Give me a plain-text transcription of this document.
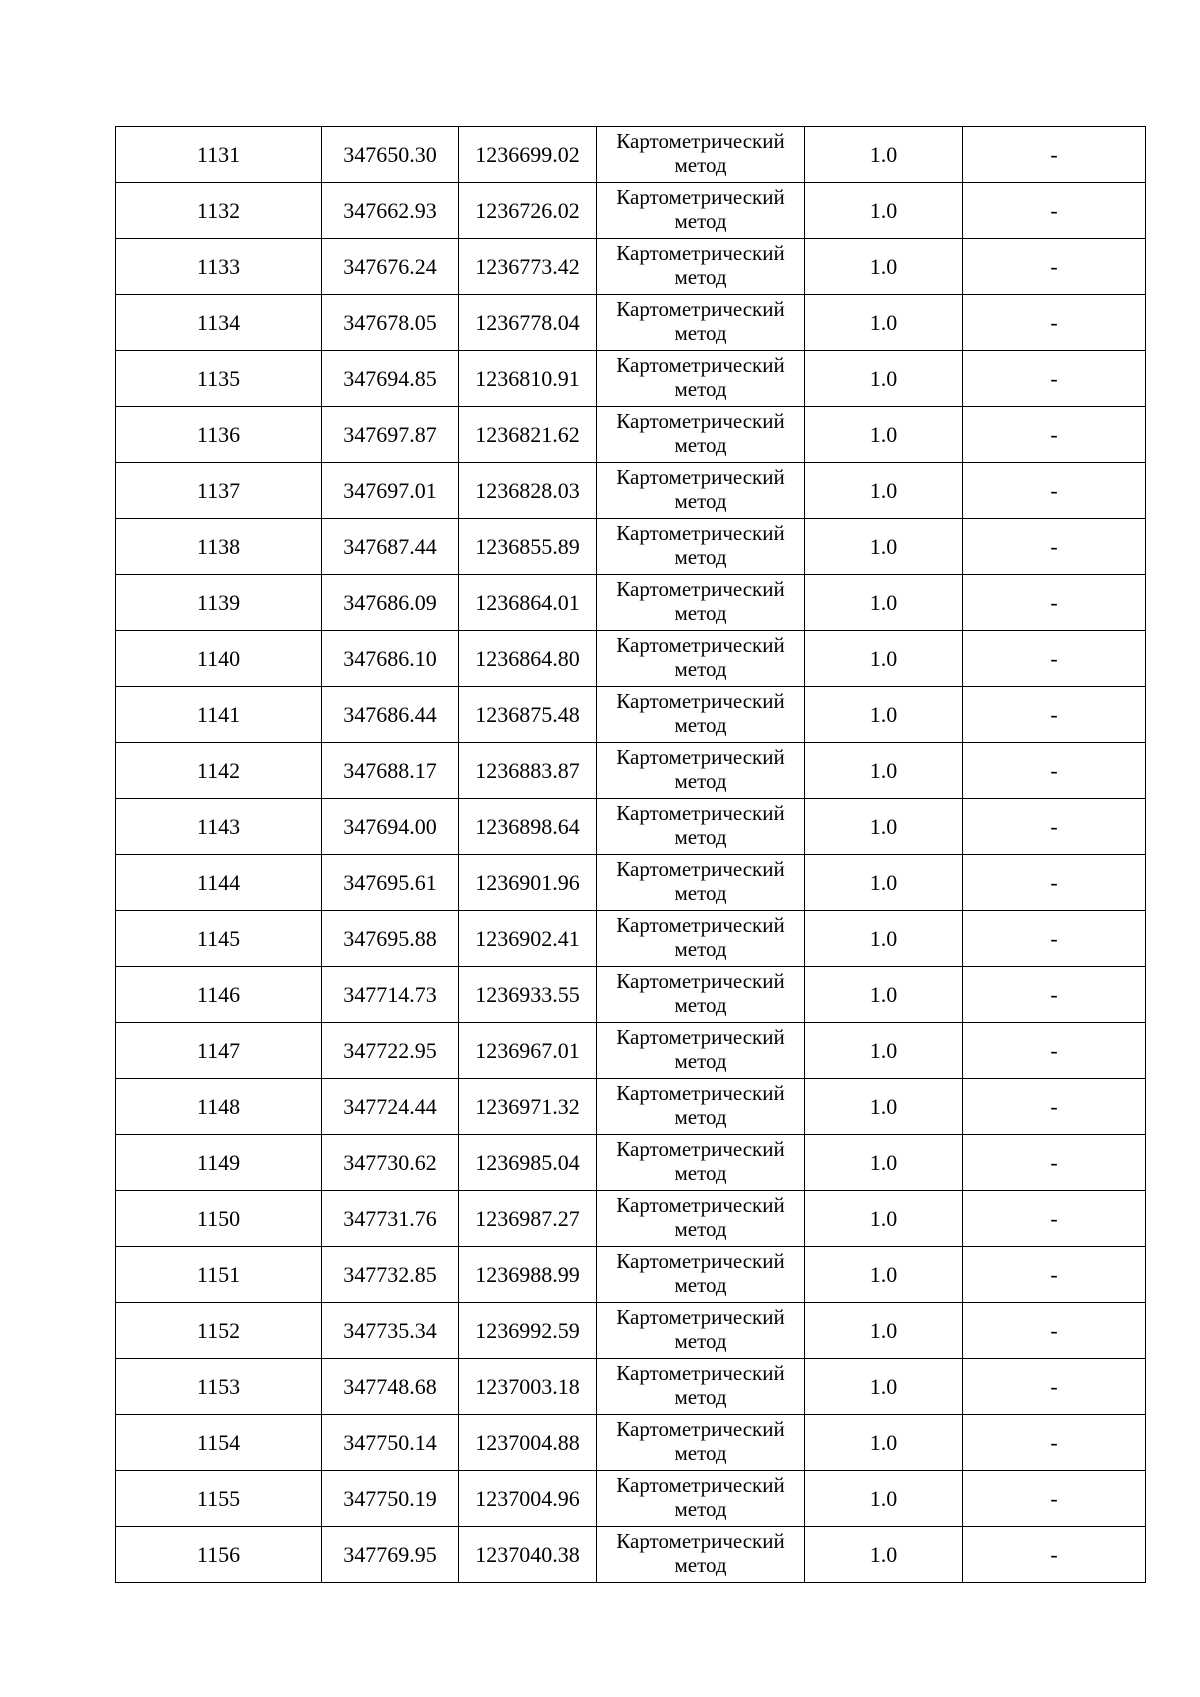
1131	347650.30	1236699.02	Картометрический
метод	1.0	-
1132	347662.93	1236726.02	Картометрический
метод	1.0	-
1133	347676.24	1236773.42	Картометрический
метод	1.0	-
1134	347678.05	1236778.04	Картометрический
метод	1.0	-
1135	347694.85	1236810.91	Картометрический
метод	1.0	-
1136	347697.87	1236821.62	Картометрический
метод	1.0	-
1137	347697.01	1236828.03	Картометрический
метод	1.0	-
1138	347687.44	1236855.89	Картометрический
метод	1.0	-
1139	347686.09	1236864.01	Картометрический
метод	1.0	-
1140	347686.10	1236864.80	Картометрический
метод	1.0	-
1141	347686.44	1236875.48	Картометрический
метод	1.0	-
1142	347688.17	1236883.87	Картометрический
метод	1.0	-
1143	347694.00	1236898.64	Картометрический
метод	1.0	-
1144	347695.61	1236901.96	Картометрический
метод	1.0	-
1145	347695.88	1236902.41	Картометрический
метод	1.0	-
1146	347714.73	1236933.55	Картометрический
метод	1.0	-
1147	347722.95	1236967.01	Картометрический
метод	1.0	-
1148	347724.44	1236971.32	Картометрический
метод	1.0	-
1149	347730.62	1236985.04	Картометрический
метод	1.0	-
1150	347731.76	1236987.27	Картометрический
метод	1.0	-
1151	347732.85	1236988.99	Картометрический
метод	1.0	-
1152	347735.34	1236992.59	Картометрический
метод	1.0	-
1153	347748.68	1237003.18	Картометрический
метод	1.0	-
1154	347750.14	1237004.88	Картометрический
метод	1.0	-
1155	347750.19	1237004.96	Картометрический
метод	1.0	-
1156	347769.95	1237040.38	Картометрический
метод	1.0	-
